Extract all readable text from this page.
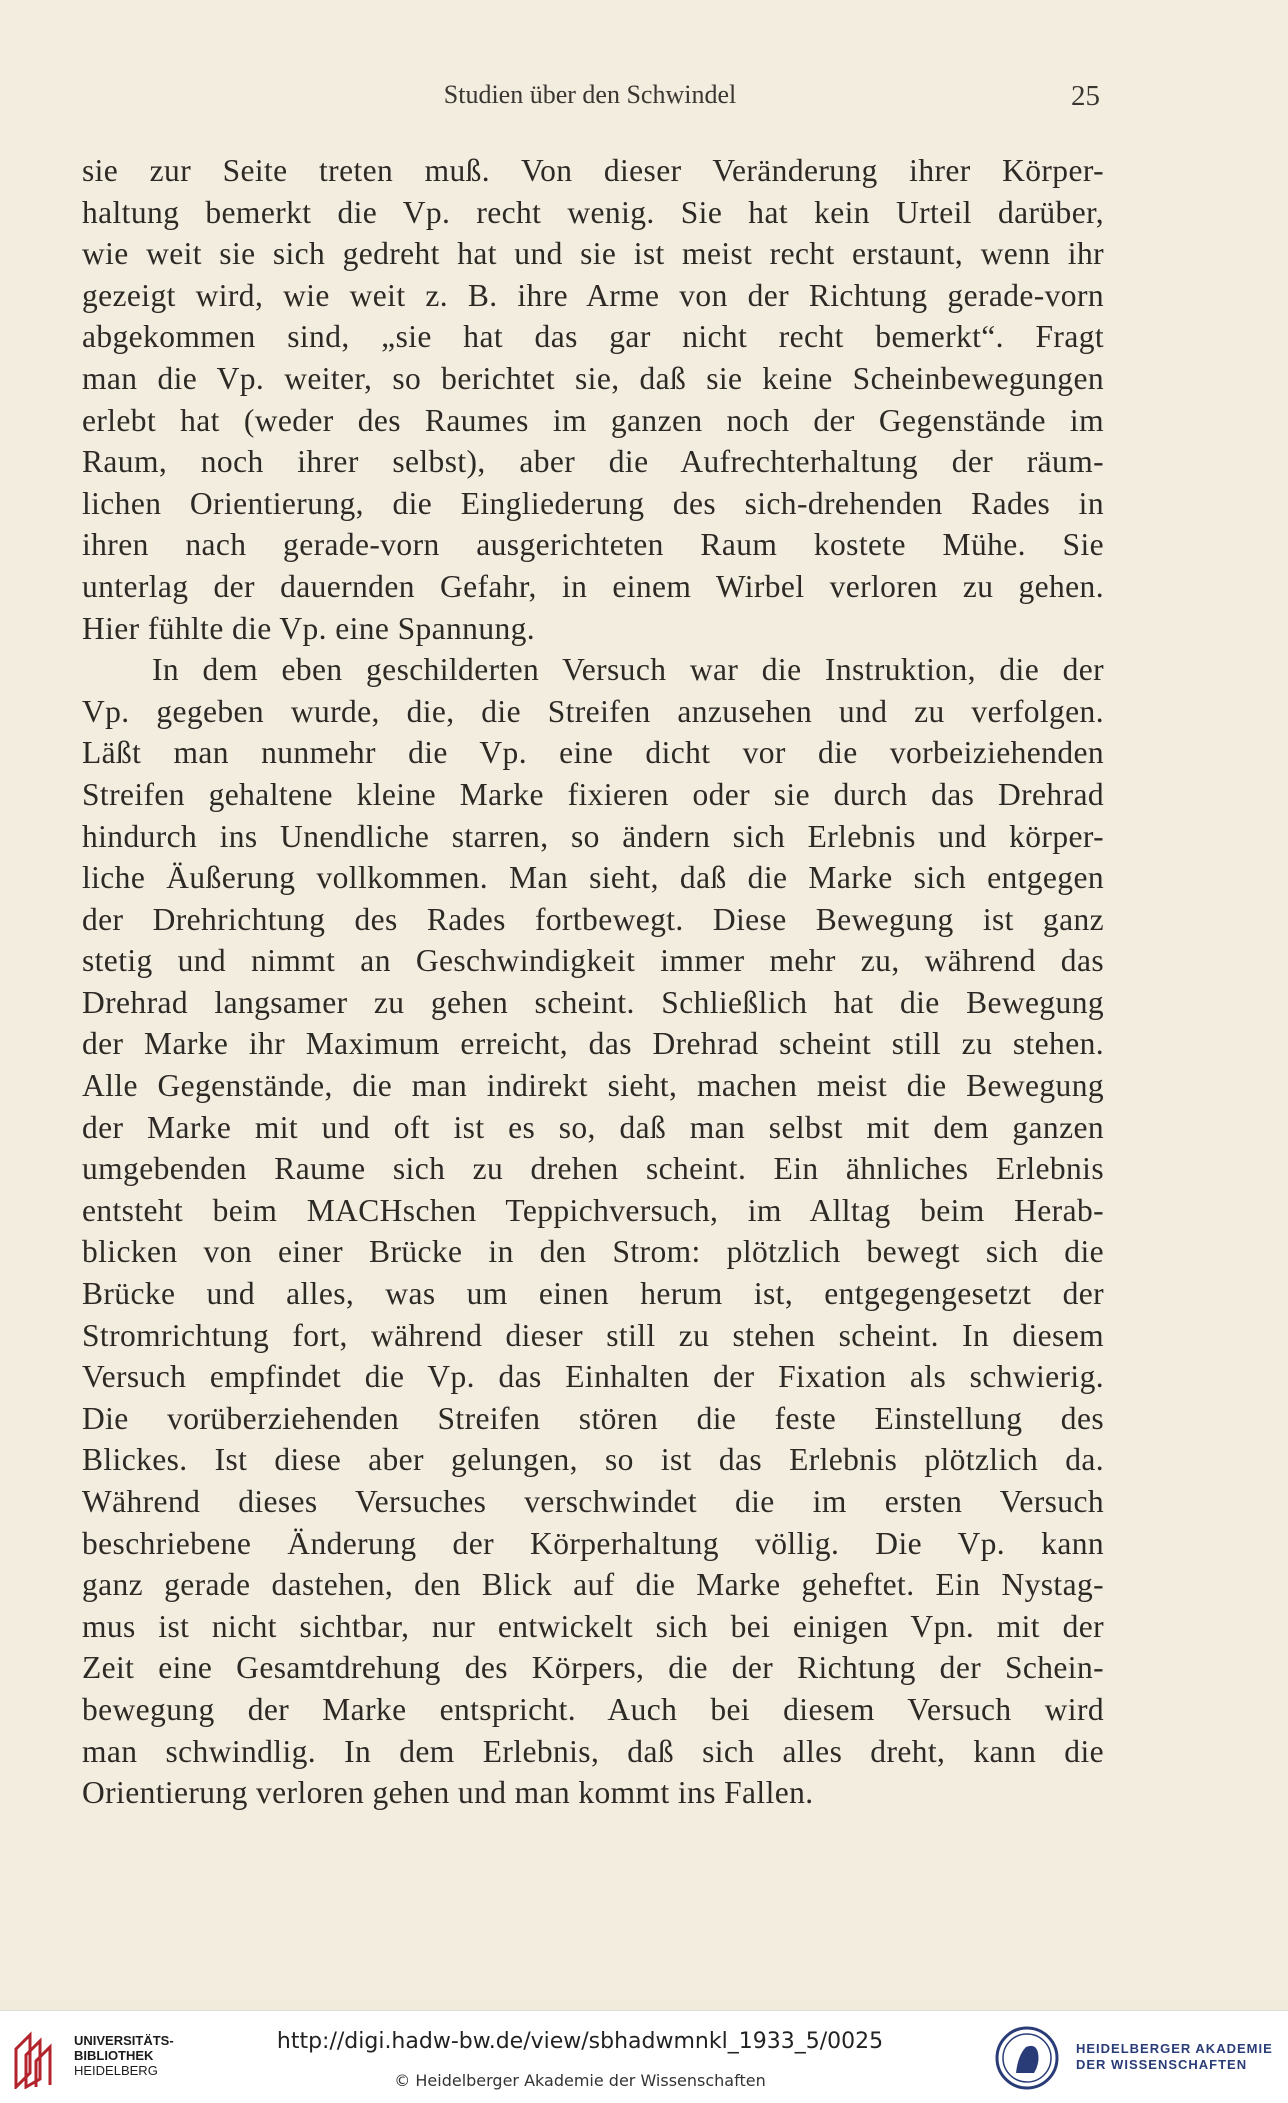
Studien über den Schwindel	25
sie zur Seite treten muß. Von dieser Veränderung ihrer Körper-
haltung bemerkt die Vp. recht wenig. Sie hat kein Urteil darüber,
wie weit sie sich gedreht hat und sie ist meist recht erstaunt, wenn ihr
gezeigt wird, wie weit z. B. ihre Arme von der Richtung gerade-vorn
abgekommen sind, „sie hat das gar nicht recht bemerkt“. Fragt
man die Vp. weiter, so berichtet sie, daß sie keine Scheinbewegungen
erlebt hat (weder des Raumes im ganzen noch der Gegenstände im
Raum, noch ihrer selbst), aber die Aufrechterhaltung der räum-
lichen Orientierung, die Eingliederung des sich-drehenden Rades in
ihren nach gerade-vorn ausgerichteten Raum kostete Mühe. Sie
unterlag der dauernden Gefahr, in einem Wirbel verloren zu gehen.
Hier fühlte die Vp. eine Spannung.
In dem eben geschilderten Versuch war die Instruktion, die der
Vp. gegeben wurde, die, die Streifen anzusehen und zu verfolgen.
Läßt man nunmehr die Vp. eine dicht vor die vorbeiziehenden
Streifen gehaltene kleine Marke fixieren oder sie durch das Drehrad
hindurch ins Unendliche starren, so ändern sich Erlebnis und körper-
liche Äußerung vollkommen. Man sieht, daß die Marke sich entgegen
der Drehrichtung des Rades fortbewegt. Diese Bewegung ist ganz
stetig und nimmt an Geschwindigkeit immer mehr zu, während das
Drehrad langsamer zu gehen scheint. Schließlich hat die Bewegung
der Marke ihr Maximum erreicht, das Drehrad scheint still zu stehen.
Alle Gegenstände, die man indirekt sieht, machen meist die Bewegung
der Marke mit und oft ist es so, daß man selbst mit dem ganzen
umgebenden Raume sich zu drehen scheint. Ein ähnliches Erlebnis
entsteht beim MACHschen Teppichversuch, im Alltag beim Herab-
blicken von einer Brücke in den Strom: plötzlich bewegt sich die
Brücke und alles, was um einen herum ist, entgegengesetzt der
Stromrichtung fort, während dieser still zu stehen scheint. In diesem
Versuch empfindet die Vp. das Einhalten der Fixation als schwierig.
Die vorüberziehenden Streifen stören die feste Einstellung des
Blickes. Ist diese aber gelungen, so ist das Erlebnis plötzlich da.
Während dieses Versuches verschwindet die im ersten Versuch
beschriebene Änderung der Körperhaltung völlig. Die Vp. kann
ganz gerade dastehen, den Blick auf die Marke geheftet. Ein Nystag-
mus ist nicht sichtbar, nur entwickelt sich bei einigen Vpn. mit der
Zeit eine Gesamtdrehung des Körpers, die der Richtung der Schein-
bewegung der Marke entspricht. Auch bei diesem Versuch wird
man schwindlig. In dem Erlebnis, daß sich alles dreht, kann die
Orientierung verloren gehen und man kommt ins Fallen.
UNIVERSITÄTS-
BIBLIOTHEK
HEIDELBERG
http://digi.hadw-bw.de/view/sbhadwmnkl_1933_5/0025
© Heidelberger Akademie der Wissenschaften
HEIDELBERGER AKADEMIE
DER WISSENSCHAFTEN
